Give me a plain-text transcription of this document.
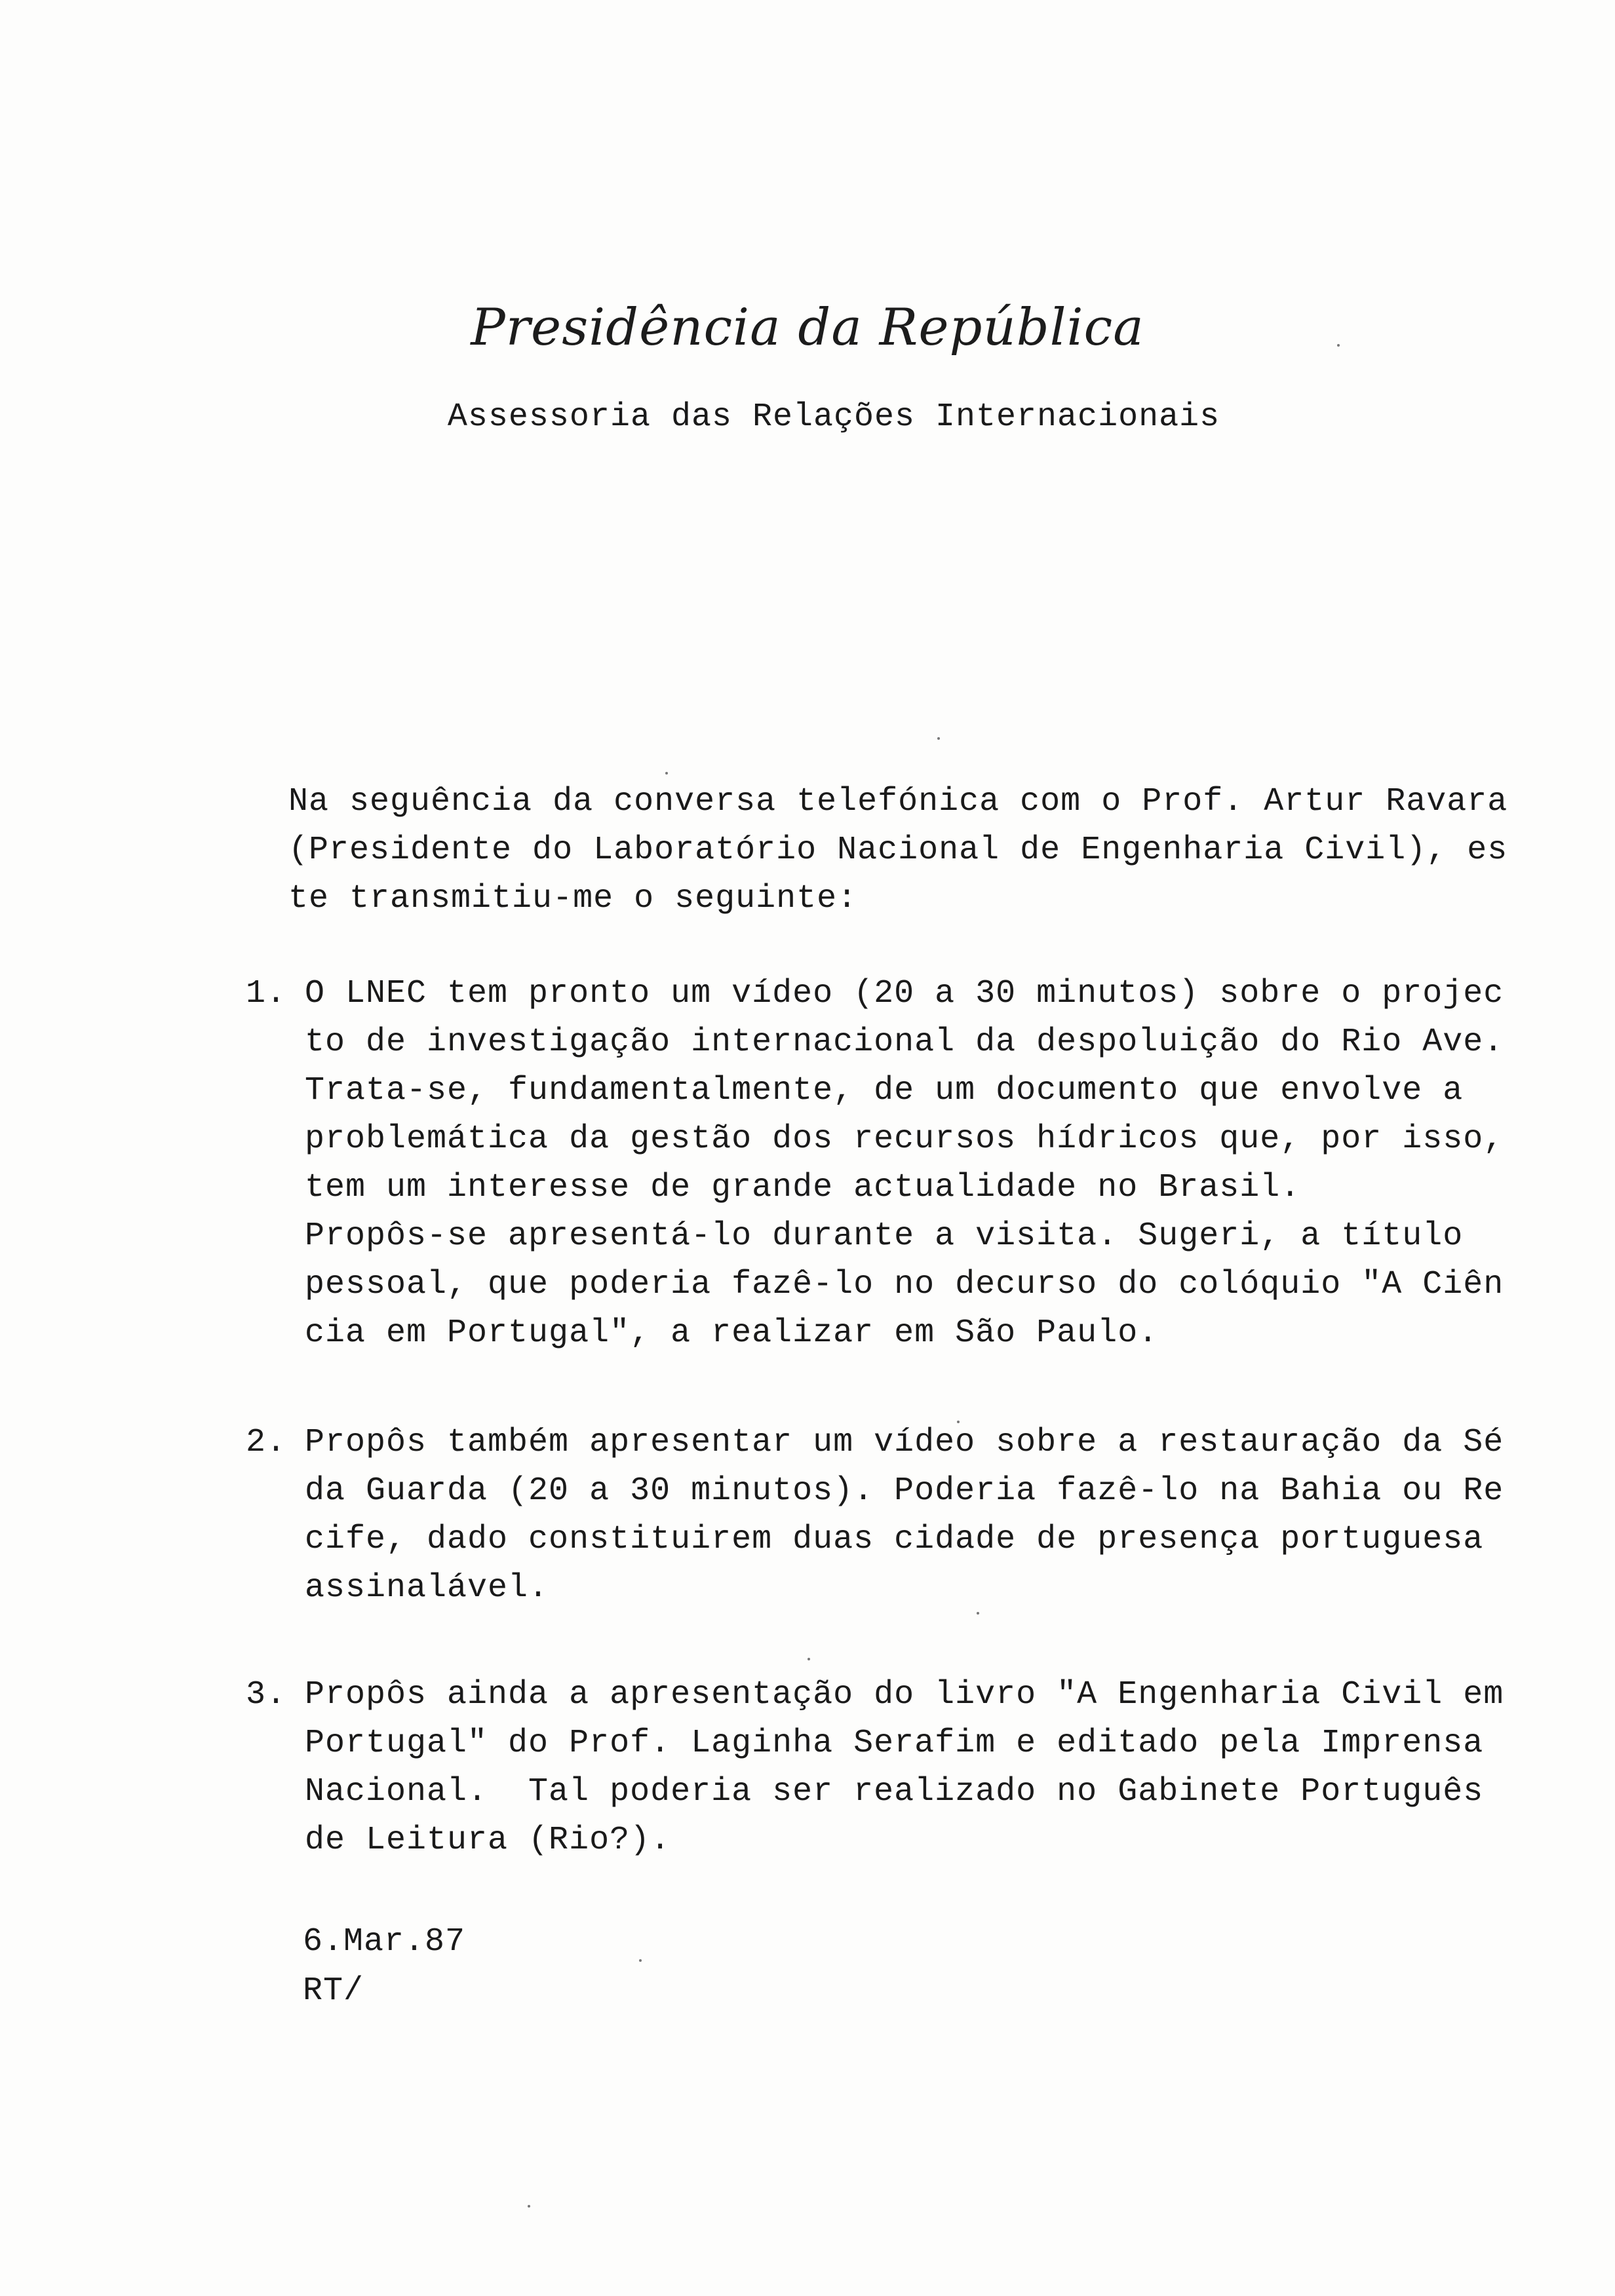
Presidência da República
Assessoria das Relações Internacionais
Na seguência da conversa telefónica com o Prof. Artur Ravara
(Presidente do Laboratório Nacional de Engenharia Civil), es
te transmitiu-me o seguinte:
1. O LNEC tem pronto um vídeo (20 a 30 minutos) sobre o projec
to de investigação internacional da despoluição do Rio Ave.
Trata-se, fundamentalmente, de um documento que envolve a
problemática da gestão dos recursos hídricos que, por isso,
tem um interesse de grande actualidade no Brasil.
Propôs-se apresentá-lo durante a visita. Sugeri, a título
pessoal, que poderia fazê-lo no decurso do colóquio "A Ciên
cia em Portugal", a realizar em São Paulo.
2. Propôs também apresentar um vídeo sobre a restauração da Sé
da Guarda (20 a 30 minutos). Poderia fazê-lo na Bahia ou Re
cife, dado constituirem duas cidade de presença portuguesa
assinalável.
3. Propôs ainda a apresentação do livro "A Engenharia Civil em
Portugal" do Prof. Laginha Serafim e editado pela Imprensa
Nacional.  Tal poderia ser realizado no Gabinete Português
de Leitura (Rio?).
6.Mar.87
RT/
